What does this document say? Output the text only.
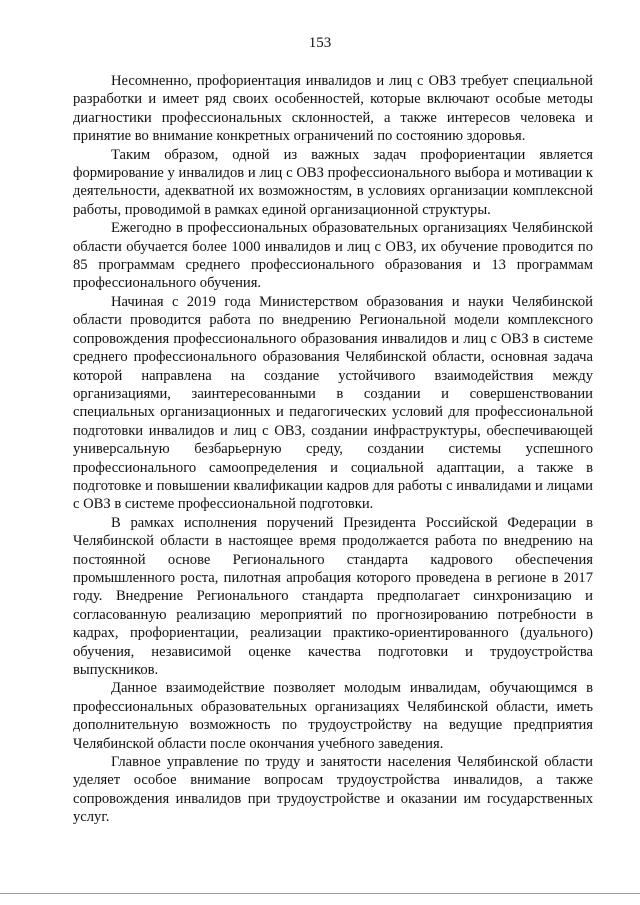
153

Несомненно, профориентация инвалидов и лиц с ОВЗ требует специальной разработки и имеет ряд своих особенностей, которые включают особые методы диагностики профессиональных склонностей, а также интересов человека и принятие во внимание конкретных ограничений по состоянию здоровья.

Таким образом, одной из важных задач профориентации является формирование у инвалидов и лиц с ОВЗ профессионального выбора и мотивации к деятельности, адекватной их возможностям, в условиях организации комплексной работы, проводимой в рамках единой организационной структуры.

Ежегодно в профессиональных образовательных организациях Челябинской области обучается более 1000 инвалидов и лиц с ОВЗ, их обучение проводится по 85 программам среднего профессионального образования и 13 программам профессионального обучения.

Начиная с 2019 года Министерством образования и науки Челябинской области проводится работа по внедрению Региональной модели комплексного сопровождения профессионального образования инвалидов и лиц с ОВЗ в системе среднего профессионального образования Челябинской области, основная задача которой направлена на создание устойчивого взаимодействия между организациями, заинтересованными в создании и совершенствовании специальных организационных и педагогических условий для профессиональной подготовки инвалидов и лиц с ОВЗ, создании инфраструктуры, обеспечивающей универсальную безбарьерную среду, создании системы успешного профессионального самоопределения и социальной адаптации, а также в подготовке и повышении квалификации кадров для работы с инвалидами и лицами с ОВЗ в системе профессиональной подготовки.

В рамках исполнения поручений Президента Российской Федерации в Челябинской области в настоящее время продолжается работа по внедрению на постоянной основе Регионального стандарта кадрового обеспечения промышленного роста, пилотная апробация которого проведена в регионе в 2017 году. Внедрение Регионального стандарта предполагает синхронизацию и согласованную реализацию мероприятий по прогнозированию потребности в кадрах, профориентации, реализации практико-ориентированного (дуального) обучения, независимой оценке качества подготовки и трудоустройства выпускников.

Данное взаимодействие позволяет молодым инвалидам, обучающимся в профессиональных образовательных организациях Челябинской области, иметь дополнительную возможность по трудоустройству на ведущие предприятия Челябинской области после окончания учебного заведения.

Главное управление по труду и занятости населения Челябинской области уделяет особое внимание вопросам трудоустройства инвалидов, а также сопровождения инвалидов при трудоустройстве и оказании им государственных услуг.
